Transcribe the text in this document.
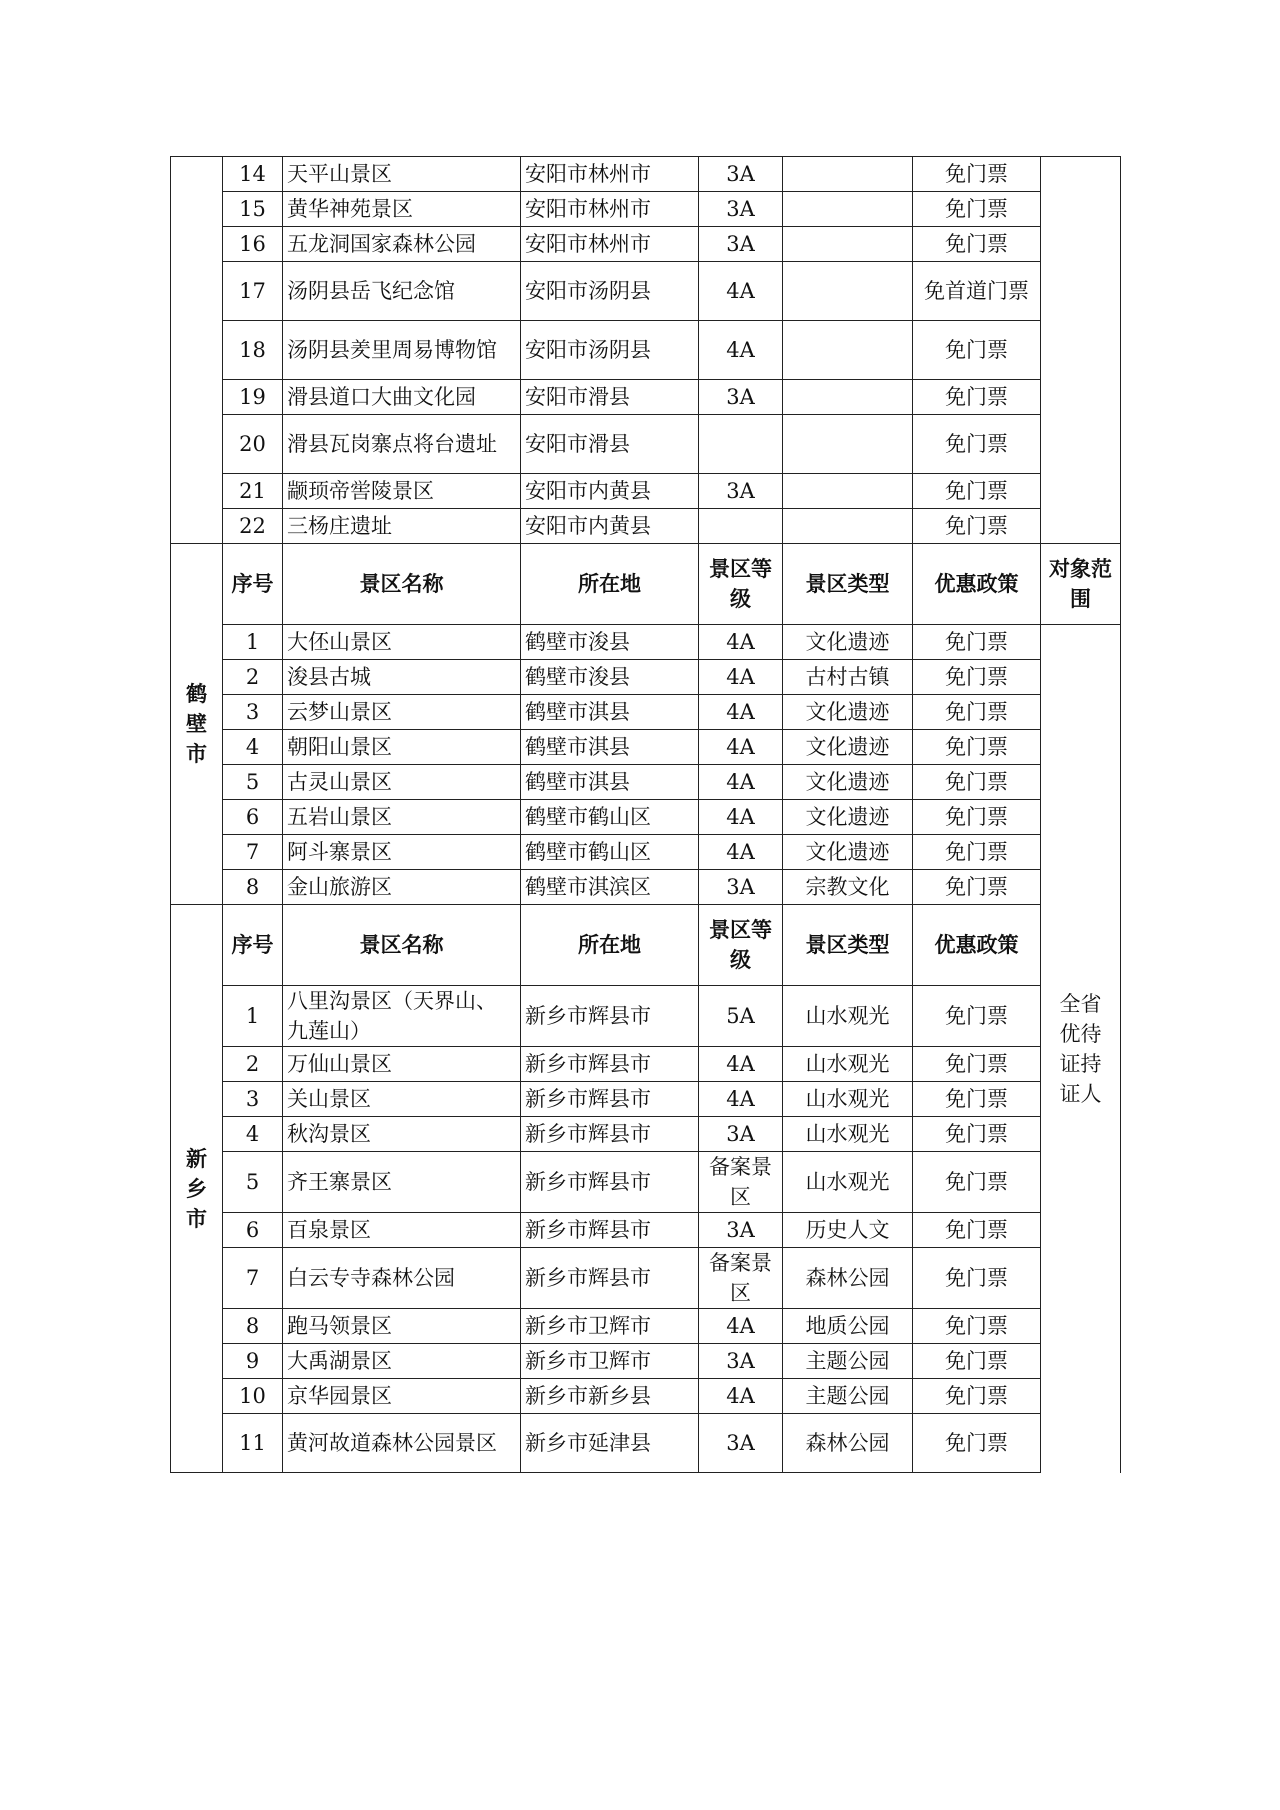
	14	天平山景区	安阳市林州市	3A		免门票	
	15	黄华神苑景区	安阳市林州市	3A		免门票	
	16	五龙洞国家森林公园	安阳市林州市	3A		免门票	
	17	汤阴县岳飞纪念馆	安阳市汤阴县	4A		免首道门票	
	18	汤阴县羑里周易博物馆	安阳市汤阴县	4A		免门票	
	19	滑县道口大曲文化园	安阳市滑县	3A		免门票	
	20	滑县瓦岗寨点将台遗址	安阳市滑县			免门票	
	21	颛顼帝喾陵景区	安阳市内黄县	3A		免门票	
	22	三杨庄遗址	安阳市内黄县			免门票	

鹤
壁
市	序号	景区名称	所在地	景区等级	景区类型	优惠政策	对象范围
	1	大伾山景区	鹤壁市浚县	4A	文化遗迹	免门票	全省
优待
证持
证人

	2	浚县古城	鹤壁市浚县	4A	古村古镇	免门票	
	3	云梦山景区	鹤壁市淇县	4A	文化遗迹	免门票	
	4	朝阳山景区	鹤壁市淇县	4A	文化遗迹	免门票	
	5	古灵山景区	鹤壁市淇县	4A	文化遗迹	免门票	
	6	五岩山景区	鹤壁市鹤山区	4A	文化遗迹	免门票	
	7	阿斗寨景区	鹤壁市鹤山区	4A	文化遗迹	免门票	
	8	金山旅游区	鹤壁市淇滨区	3A	宗教文化	免门票	

新
乡
市	序号	景区名称	所在地	景区等级	景区类型	优惠政策	
	1	八里沟景区（天界山、九莲山）	新乡市辉县市	5A	山水观光	免门票	
	2	万仙山景区	新乡市辉县市	4A	山水观光	免门票	
	3	关山景区	新乡市辉县市	4A	山水观光	免门票	
	4	秋沟景区	新乡市辉县市	3A	山水观光	免门票	
	5	齐王寨景区	新乡市辉县市	备案景区	山水观光	免门票	
	6	百泉景区	新乡市辉县市	3A	历史人文	免门票	
	7	白云专寺森林公园	新乡市辉县市	备案景区	森林公园	免门票	
	8	跑马领景区	新乡市卫辉市	4A	地质公园	免门票	
	9	大禹湖景区	新乡市卫辉市	3A	主题公园	免门票	
	10	京华园景区	新乡市新乡县	4A	主题公园	免门票	
	11	黄河故道森林公园景区	新乡市延津县	3A	森林公园	免门票	
